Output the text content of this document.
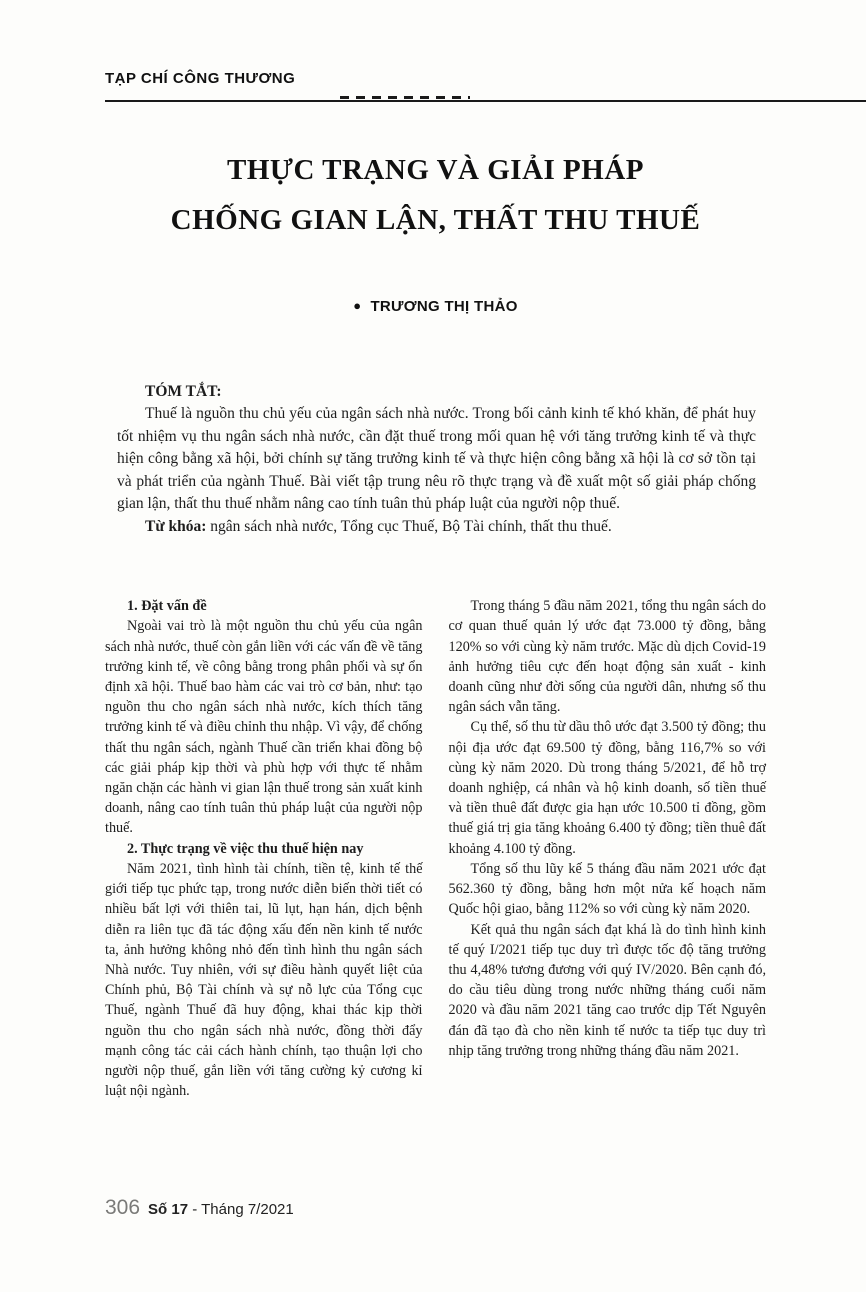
TẠP CHÍ CÔNG THƯƠNG
THỰC TRẠNG VÀ GIẢI PHÁP
CHỐNG GIAN LẬN, THẤT THU THUẾ
● TRƯƠNG THỊ THẢO
TÓM TẮT:
Thuế là nguồn thu chủ yếu của ngân sách nhà nước. Trong bối cảnh kinh tế khó khăn, để phát huy tốt nhiệm vụ thu ngân sách nhà nước, cần đặt thuế trong mối quan hệ với tăng trưởng kinh tế và thực hiện công bằng xã hội, bởi chính sự tăng trưởng kinh tế và thực hiện công bằng xã hội là cơ sở tồn tại và phát triển của ngành Thuế. Bài viết tập trung nêu rõ thực trạng và đề xuất một số giải pháp chống gian lận, thất thu thuế nhằm nâng cao tính tuân thủ pháp luật của người nộp thuế.
Từ khóa: ngân sách nhà nước, Tổng cục Thuế, Bộ Tài chính, thất thu thuế.
1. Đặt vấn đề

Ngoài vai trò là một nguồn thu chủ yếu của ngân sách nhà nước, thuế còn gắn liền với các vấn đề về tăng trưởng kinh tế, về công bằng trong phân phối và sự ổn định xã hội. Thuế bao hàm các vai trò cơ bản, như: tạo nguồn thu cho ngân sách nhà nước, kích thích tăng trưởng kinh tế và điều chỉnh thu nhập. Vì vậy, để chống thất thu ngân sách, ngành Thuế cần triển khai đồng bộ các giải pháp kịp thời và phù hợp với thực tế nhằm ngăn chặn các hành vi gian lận thuế trong sản xuất kinh doanh, nâng cao tính tuân thủ pháp luật của người nộp thuế.

2. Thực trạng về việc thu thuế hiện nay

Năm 2021, tình hình tài chính, tiền tệ, kinh tế thế giới tiếp tục phức tạp, trong nước diễn biến thời tiết có nhiều bất lợi với thiên tai, lũ lụt, hạn hán, dịch bệnh diễn ra liên tục đã tác động xấu đến nền kinh tế nước ta, ảnh hưởng không nhỏ đến tình hình thu ngân sách Nhà nước. Tuy nhiên, với sự điều hành quyết liệt của Chính phủ, Bộ Tài chính và sự nỗ lực của Tổng cục Thuế, ngành Thuế đã huy động, khai thác kịp thời nguồn thu cho ngân sách nhà nước, đồng thời đẩy mạnh công tác cải cách hành chính, tạo thuận lợi cho người nộp thuế, gắn liền với tăng cường kỷ cương kỉ luật nội ngành.

Trong tháng 5 đầu năm 2021, tổng thu ngân sách do cơ quan thuế quản lý ước đạt 73.000 tỷ đồng, bằng 120% so với cùng kỳ năm trước. Mặc dù dịch Covid-19 ảnh hưởng tiêu cực đến hoạt động sản xuất - kinh doanh cũng như đời sống của người dân, nhưng số thu ngân sách vẫn tăng.

Cụ thể, số thu từ dầu thô ước đạt 3.500 tỷ đồng; thu nội địa ước đạt 69.500 tỷ đồng, bằng 116,7% so với cùng kỳ năm 2020. Dù trong tháng 5/2021, để hỗ trợ doanh nghiệp, cá nhân và hộ kinh doanh, số tiền thuế và tiền thuê đất được gia hạn ước 10.500 tỉ đồng, gồm thuế giá trị gia tăng khoảng 6.400 tỷ đồng; tiền thuê đất khoảng 4.100 tỷ đồng.

Tổng số thu lũy kế 5 tháng đầu năm 2021 ước đạt 562.360 tỷ đồng, bằng hơn một nửa kế hoạch năm Quốc hội giao, bằng 112% so với cùng kỳ năm 2020.

Kết quả thu ngân sách đạt khá là do tình hình kinh tế quý I/2021 tiếp tục duy trì được tốc độ tăng trưởng thu 4,48% tương đương với quý IV/2020. Bên cạnh đó, do cầu tiêu dùng trong nước những tháng cuối năm 2020 và đầu năm 2021 tăng cao trước dịp Tết Nguyên đán đã tạo đà cho nền kinh tế nước ta tiếp tục duy trì nhịp tăng trưởng trong những tháng đầu năm 2021.

306 Số 17 - Tháng 7/2021
